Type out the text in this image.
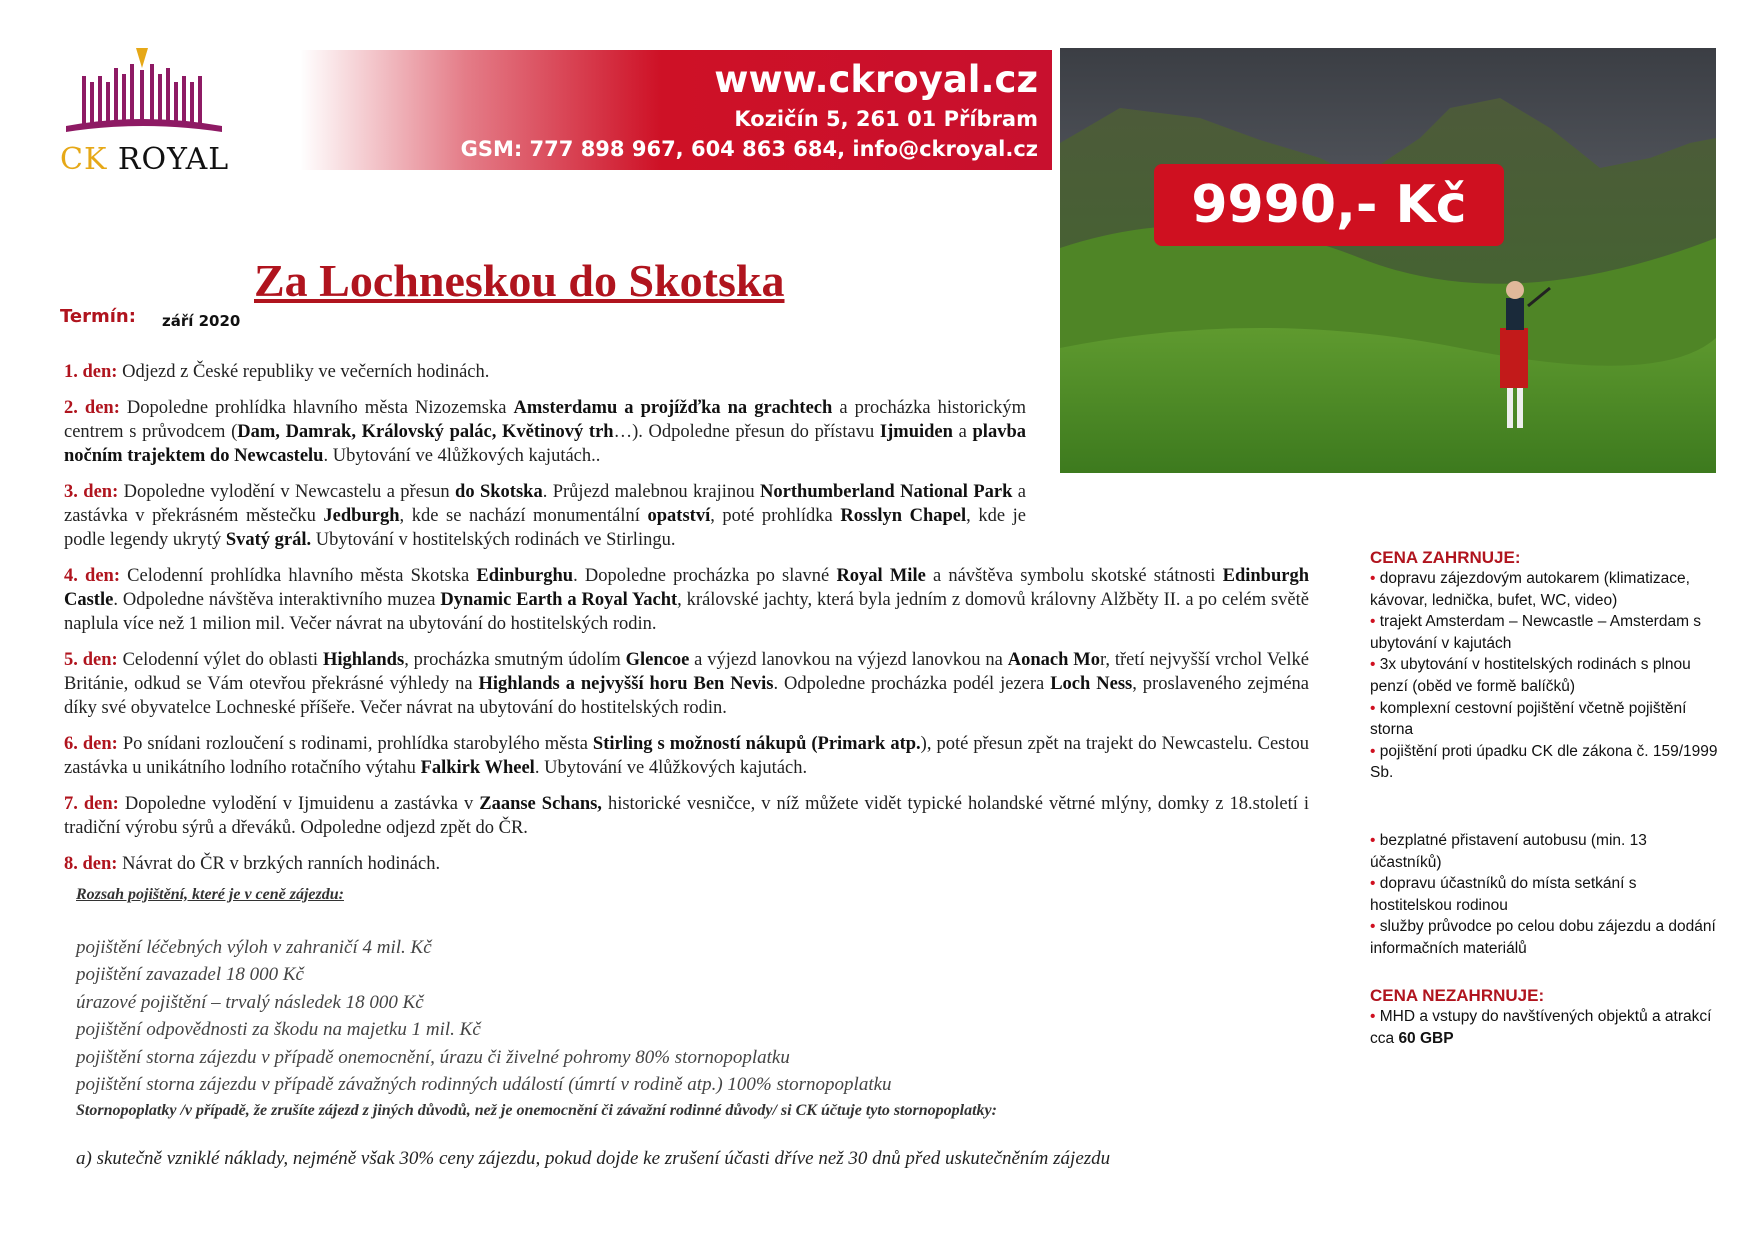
CK ROYAL
www.ckroyal.cz
Kozičín 5, 261 01 Příbram
GSM: 777 898 967, 604 863 684, info@ckroyal.cz
9990,- Kč
Za Lochneskou do Skotska
Termín: září 2020
1. den: Odjezd z České republiky ve večerních hodinách.
2. den: Dopoledne prohlídka hlavního města Nizozemska Amsterdamu a projížďka na grachtech a procházka historickým centrem s průvodcem (Dam, Damrak, Královský palác, Květinový trh…). Odpoledne přesun do přístavu Ijmuiden a plavba nočním trajektem do Newcastelu. Ubytování ve 4lůžkových kajutách..
3. den: Dopoledne vylodění v Newcastelu a přesun do Skotska. Průjezd malebnou krajinou Northumberland National Park a zastávka v překrásném městečku Jedburgh, kde se nachází monumentální opatství, poté prohlídka Rosslyn Chapel, kde je podle legendy ukrytý Svatý grál. Ubytování v hostitelských rodinách ve Stirlingu.
4. den: Celodenní prohlídka hlavního města Skotska Edinburghu. Dopoledne procházka po slavné Royal Mile a návštěva symbolu skotské státnosti Edinburgh Castle. Odpoledne návštěva interaktivního muzea Dynamic Earth a Royal Yacht, královské jachty, která byla jedním z domovů královny Alžběty II. a po celém světě naplula více než 1 milion mil. Večer návrat na ubytování do hostitelských rodin.
5. den: Celodenní výlet do oblasti Highlands, procházka smutným údolím Glencoe a výjezd lanovkou na výjezd lanovkou na Aonach Mor, třetí nejvyšší vrchol Velké Británie, odkud se Vám otevřou překrásné výhledy na Highlands a nejvyšší horu Ben Nevis. Odpoledne procházka podél jezera Loch Ness, proslaveného zejména díky své obyvatelce Lochneské příšeře. Večer návrat na ubytování do hostitelských rodin.
6. den: Po snídani rozloučení s rodinami, prohlídka starobylého města Stirling s možností nákupů (Primark atp.), poté přesun zpět na trajekt do Newcastelu. Cestou zastávka u unikátního lodního rotačního výtahu Falkirk Wheel. Ubytování ve 4lůžkových kajutách.
7. den: Dopoledne vylodění v Ijmuidenu a zastávka v Zaanse Schans, historické vesničce, v níž můžete vidět typické holandské větrné mlýny, domky z 18.století i tradiční výrobu sýrů a dřeváků. Odpoledne odjezd zpět do ČR.
8. den: Návrat do ČR v brzkých ranních hodinách.
Rozsah pojištění, které je v ceně zájezdu:
pojištění léčebných výloh v zahraničí 4 mil. Kč
pojištění zavazadel 18 000 Kč
úrazové pojištění – trvalý následek 18 000 Kč
pojištění odpovědnosti za škodu na majetku 1 mil. Kč
pojištění storna zájezdu v případě onemocnění, úrazu či živelné pohromy 80% stornopoplatku
pojištění storna zájezdu v případě závažných rodinných událostí (úmrtí v rodině atp.) 100% stornopoplatku
Stornopoplatky /v případě, že zrušíte zájezd z jiných důvodů, než je onemocnění či závažní rodinné důvody/ si CK účtuje tyto stornopoplatky:
a) skutečně vzniklé náklady, nejméně však 30% ceny zájezdu, pokud dojde ke zrušení účasti dříve než 30 dnů před uskutečněním zájezdu
CENA ZAHRNUJE:
• dopravu zájezdovým autokarem (klimatizace, kávovar, lednička, bufet, WC, video)
• trajekt Amsterdam – Newcastle – Amsterdam s ubytování v kajutách
• 3x ubytování v hostitelských rodinách s plnou penzí (oběd ve formě balíčků)
• komplexní cestovní pojištění včetně pojištění storna
• pojištění proti úpadku CK dle zákona č. 159/1999 Sb.
• bezplatné přistavení autobusu (min. 13 účastníků)
• dopravu účastníků do místa setkání s hostitelskou rodinou
• služby průvodce po celou dobu zájezdu a dodání informačních materiálů
CENA NEZAHRNUJE:
• MHD a vstupy do navštívených objektů a atrakcí cca 60 GBP
